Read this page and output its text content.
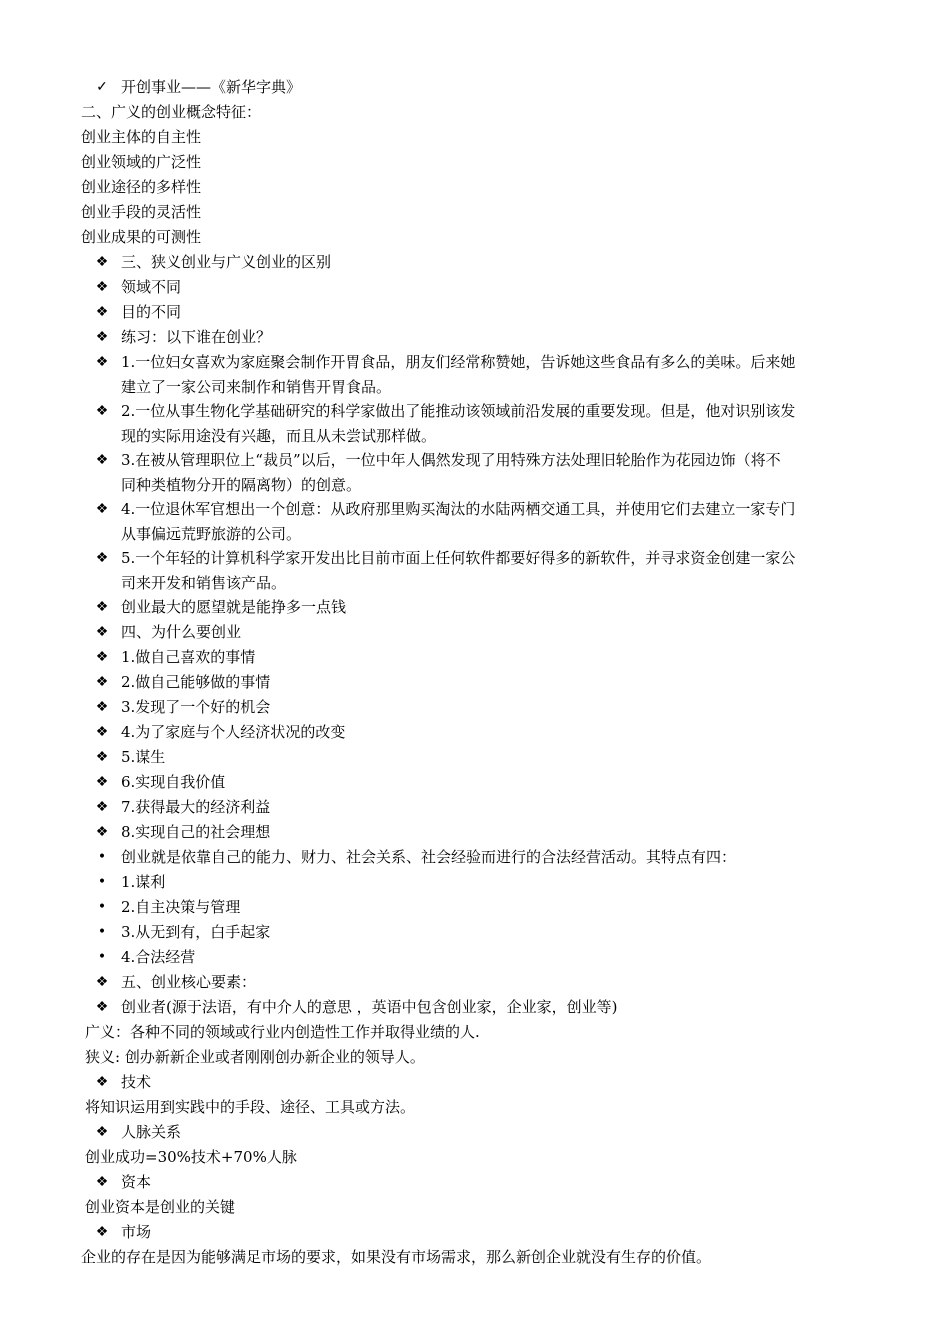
✓ 开创事业——《新华字典》
二、广义的创业概念特征：
创业主体的自主性
创业领域的广泛性
创业途径的多样性
创业手段的灵活性
创业成果的可测性
❖ 三、狭义创业与广义创业的区别
❖ 领域不同
❖ 目的不同
❖ 练习：以下谁在创业？
❖ 1.一位妇女喜欢为家庭聚会制作开胃食品，朋友们经常称赞她，告诉她这些食品有多么的美味。后来她
建立了一家公司来制作和销售开胃食品。
❖ 2.一位从事生物化学基础研究的科学家做出了能推动该领域前沿发展的重要发现。但是，他对识别该发
现的实际用途没有兴趣，而且从未尝试那样做。
❖ 3.在被从管理职位上“裁员”以后，一位中年人偶然发现了用特殊方法处理旧轮胎作为花园边饰（将不
同种类植物分开的隔离物）的创意。
❖ 4.一位退休军官想出一个创意：从政府那里购买淘汰的水陆两栖交通工具，并使用它们去建立一家专门
从事偏远荒野旅游的公司。
❖ 5.一个年轻的计算机科学家开发出比目前市面上任何软件都要好得多的新软件，并寻求资金创建一家公
司来开发和销售该产品。
❖ 创业最大的愿望就是能挣多一点钱
❖ 四、为什么要创业
❖ 1.做自己喜欢的事情
❖ 2.做自己能够做的事情
❖ 3.发现了一个好的机会
❖ 4.为了家庭与个人经济状况的改变
❖ 5.谋生
❖ 6.实现自我价值
❖ 7.获得最大的经济利益
❖ 8.实现自己的社会理想
• 创业就是依靠自己的能力、财力、社会关系、社会经验而进行的合法经营活动。其特点有四：
• 1.谋利
• 2.自主决策与管理
• 3.从无到有，白手起家
• 4.合法经营
❖ 五、创业核心要素：
❖ 创业者(源于法语，有中介人的意思 ，英语中包含创业家，企业家，创业等)
广义：各种不同的领域或行业内创造性工作并取得业绩的人.
狭义: 创办新新企业或者刚刚创办新企业的领导人。
❖ 技术
将知识运用到实践中的手段、途径、工具或方法。
❖ 人脉关系
创业成功=30%技术+70%人脉
❖ 资本
创业资本是创业的关键
❖ 市场
企业的存在是因为能够满足市场的要求，如果没有市场需求，那么新创企业就没有生存的价值。
